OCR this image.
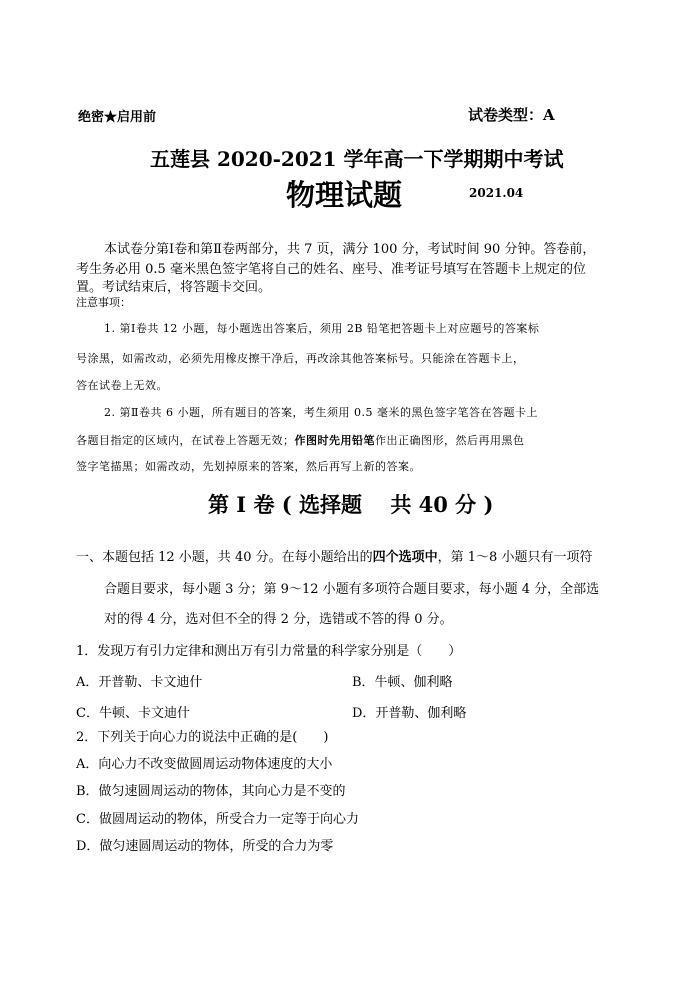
绝密★启用前	试卷类型：A
五莲县 2020-2021 学年高一下学期期中考试
物理试题	2021.04
本试卷分第Ⅰ卷和第Ⅱ卷两部分，共 7 页，满分 100 分，考试时间 90 分钟。答卷前，
考生务必用 0.5 毫米黑色签字笔将自己的姓名、座号、准考证号填写在答题卡上规定的位
置。考试结束后，将答题卡交回。
注意事项：
1. 第Ⅰ卷共 12 小题，每小题选出答案后，须用 2B 铅笔把答题卡上对应题号的答案标
号涂黑，如需改动，必须先用橡皮擦干净后，再改涂其他答案标号。只能涂在答题卡上，
答在试卷上无效。
2. 第Ⅱ卷共 6 小题，所有题目的答案，考生须用 0.5 毫米的黑色签字笔答在答题卡上
各题目指定的区域内，在试卷上答题无效；作图时先用铅笔作出正确图形，然后再用黑色
签字笔描黑；如需改动，先划掉原来的答案，然后再写上新的答案。
第 I 卷 ( 选择题　 共 40 分 )
一、本题包括 12 小题，共 40 分。在每小题给出的四个选项中，第 1～8 小题只有一项符
合题目要求，每小题 3 分；第 9～12 小题有多项符合题目要求，每小题 4 分，全部选
对的得 4 分，选对但不全的得 2 分，选错或不答的得 0 分。
1．发现万有引力定律和测出万有引力常量的科学家分别是（　　）
A．开普勒、卡文迪什	B．牛顿、伽利略
C．牛顿、卡文迪什	D．开普勒、伽利略
2．下列关于向心力的说法中正确的是(　　)
A．向心力不改变做圆周运动物体速度的大小
B．做匀速圆周运动的物体，其向心力是不变的
C．做圆周运动的物体，所受合力一定等于向心力
D．做匀速圆周运动的物体，所受的合力为零
